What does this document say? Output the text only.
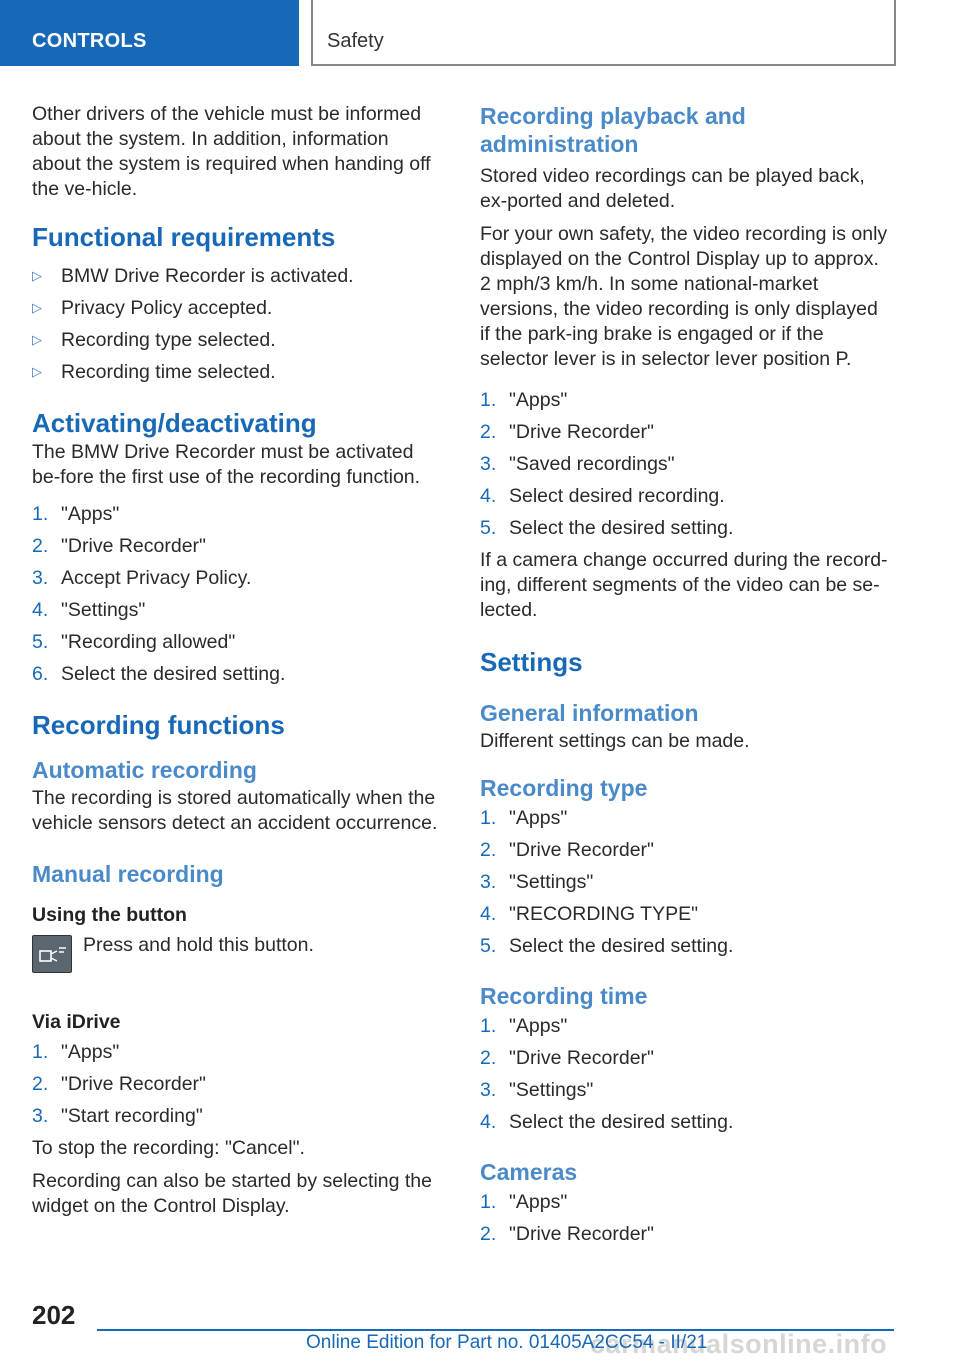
CONTROLS	Safety

Other drivers of the vehicle must be informed about the system. In addition, information about the system is required when handing off the ve-hicle.

Functional requirements
▷ BMW Drive Recorder is activated.
▷ Privacy Policy accepted.
▷ Recording type selected.
▷ Recording time selected.
Activating/deactivating

The BMW Drive Recorder must be activated be-fore the first use of the recording function.

1. "Apps"
2. "Drive Recorder"
3. Accept Privacy Policy.
4. "Settings"
5. "Recording allowed"
6. Select the desired setting.
Recording functions
Automatic recording

The recording is stored automatically when the vehicle sensors detect an accident occurrence.

Manual recording
Using the button
Press and hold this button.
Via iDrive
1. "Apps"
2. "Drive Recorder"
3. "Start recording"

To stop the recording: "Cancel".

Recording can also be started by selecting the widget on the Control Display.

Recording playback and administration

Stored video recordings can be played back, ex-ported and deleted.

For your own safety, the video recording is only displayed on the Control Display up to approx. 2 mph/3 km/h. In some national-market versions, the video recording is only displayed if the park-ing brake is engaged or if the selector lever is in selector lever position P.

1. "Apps"
2. "Drive Recorder"
3. "Saved recordings"
4. Select desired recording.
5. Select the desired setting.

If a camera change occurred during the record-ing, different segments of the video can be se-lected.

Settings
General information

Different settings can be made.

Recording type
1. "Apps"
2. "Drive Recorder"
3. "Settings"
4. "RECORDING TYPE"
5. Select the desired setting.
Recording time
1. "Apps"
2. "Drive Recorder"
3. "Settings"
4. Select the desired setting.
Cameras
1. "Apps"
2. "Drive Recorder"
202
carmanualsonline.info
Online Edition for Part no. 01405A2CC54 - II/21
